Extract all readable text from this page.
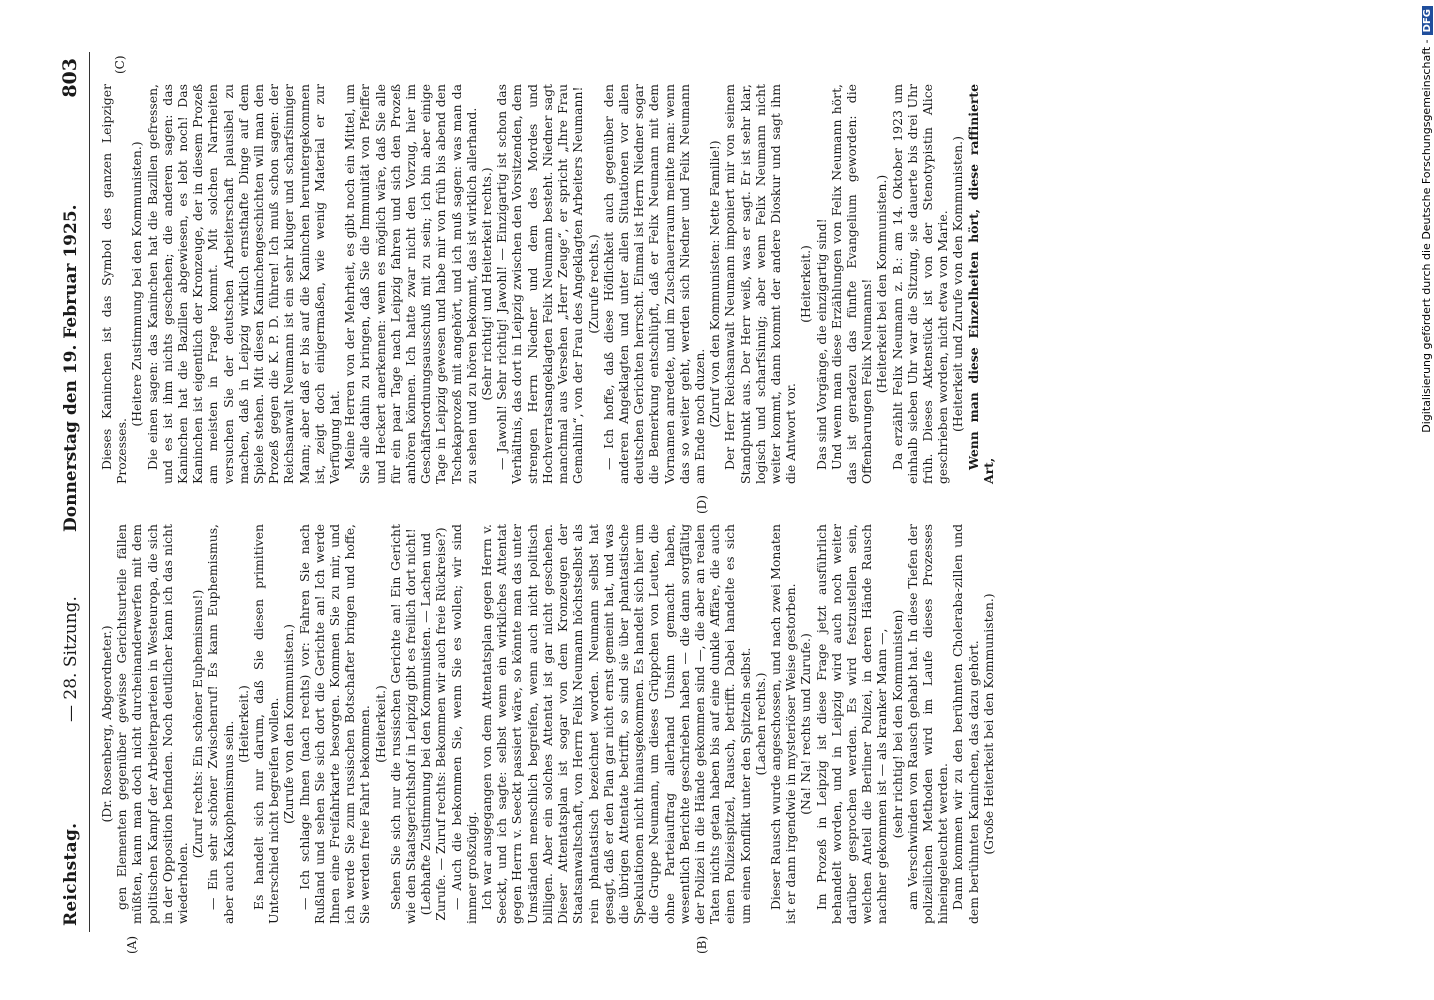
Reichstag.
— 28. Sitzung.
Donnerstag den 19. Februar 1925.
803
(A)	(B)
(C)
(D)

(Dr. Rosenberg, Abgeordneter.) gen Elementen gegenüber gewisse Gerichtsurteile fällen müßten, kann man doch nicht durcheinanderwerfen mit dem politischen Kampf der Arbeiterparteien in Westeuropa, die sich in der Opposition befinden. Noch deutlicher kann ich das nicht wiederholen.

(Zuruf rechts: Ein schöner Euphemismus!) — Ein sehr schöner Zwischenruf! Es kann Euphemismus, aber auch Kakophemismus sein. (Heiterkeit.) Es handelt sich nur darum, daß Sie diesen primitiven Unterschied nicht begreifen wollen. (Zurufe von den Kommunisten.) — Ich schlage Ihnen (nach rechts) vor: Fahren Sie nach Rußland und sehen Sie sich dort die Gerichte an! Ich werde Ihnen eine Freifahrkarte besorgen. Kommen Sie zu mir, und ich werde Sie zum russischen Botschafter bringen und hoffe, Sie werden freie Fahrt bekommen. (Heiterkeit.) Sehen Sie sich nur die russischen Gerichte an! Ein Gericht wie den Staatsgerichtshof in Leipzig gibt es freilich dort nicht! (Lebhafte Zustimmung bei den Kommunisten. — Lachen und Zurufe. — Zuruf rechts: Bekommen wir auch freie Rückreise?) — Auch die bekommen Sie, wenn Sie es wollen; wir sind immer großzügig. Ich war ausgegangen von dem Attentatsplan gegen Herrn v. Seeckt, und ich sagte: selbst wenn ein wirkliches Attentat gegen Herrn v. Seeckt passiert wäre, so könnte man das unter Umständen menschlich begreifen, wenn auch nicht politisch billigen. Aber ein solches Attentat ist gar nicht geschehen. Dieser Attentatsplan ist sogar von dem Kronzeugen der Staatsanwaltschaft, von Herrn Felix Neumann höchstselbst als rein phantastisch bezeichnet worden. Neumann selbst hat gesagt, daß er den Plan gar nicht ernst gemeint hat, und was die übrigen Attentate betrifft, so sind sie über phantastische Spekulationen nicht hinausgekommen. Es handelt sich hier um die Gruppe Neumann, um dieses Grüppchen von Leuten, die ohne Parteiauftrag allerhand Unsinn gemacht haben, wesentlich Berichte geschrieben haben — die dann sorgfältig der Polizei in die Hände gekommen sind —, die aber an realen Taten nichts getan haben bis auf eine dunkle Affäre, die auch einen Polizeispitzel, Rausch, betrifft. Dabei handelte es sich um einen Konflikt unter den Spitzeln selbst. (Lachen rechts.) Dieser Rausch wurde angeschossen, und nach zwei Monaten ist er dann irgendwie in mysteriöser Weise gestorben. (Na! Na! rechts und Zurufe.) Im Prozeß in Leipzig ist diese Frage jetzt ausführlich behandelt worden, und in Leipzig wird auch noch weiter darüber gesprochen werden. Es wird festzustellen sein, welchen Anteil die Berliner Polizei, in deren Hände Rausch nachher gekommen ist — als kranker Mann —, (sehr richtig! bei den Kommunisten) am Verschwinden von Rausch gehabt hat. In diese Tiefen der polizeilichen Methoden wird im Laufe dieses Prozesses hineingeleuchtet werden. Dann kommen wir zu den berühmten Choleraba-zillen und dem berühmten Kaninchen, das dazu gehört. (Große Heiterkeit bei den Kommunisten.)

Dieses Kaninchen ist das Symbol des ganzen Leipziger Prozesses.

(Heitere Zustimmung bei den Kommunisten.) Die einen sagen: das Kaninchen hat die Bazillen gefressen, und es ist ihm nichts geschehen; die anderen sagen: das Kaninchen hat die Bazillen abgewiesen, es lebt noch! Das Kaninchen ist eigentlich der Kronzeuge, der in diesem Prozeß am meisten in Frage kommt. Mit solchen Narrheiten versuchen Sie der deutschen Arbeiterschaft plausibel zu machen, daß in Leipzig wirklich ernsthafte Dinge auf dem Spiele stehen. Mit diesen Kaninchengeschichten will man den Prozeß gegen die K. P. D. führen! Ich muß schon sagen: der Reichsanwalt Neumann ist ein sehr kluger und scharfsinniger Mann; aber daß er bis auf die Kaninchen heruntergekommen ist, zeigt doch einigermaßen, wie wenig Material er zur Verfügung hat. Meine Herren von der Mehrheit, es gibt noch ein Mittel, um Sie alle dahin zu bringen, daß Sie die Immunität von Pfeiffer und Heckert anerkennen: wenn es möglich wäre, daß Sie alle für ein paar Tage nach Leipzig fahren und sich den Prozeß anhören können. Ich hatte zwar nicht den Vorzug, hier im Geschäftsordnungsausschuß mit zu sein; ich bin aber einige Tage in Leipzig gewesen und habe mir von früh bis abend den Tschekaprozeß mit angehört, und ich muß sagen: was man da zu sehen und zu hören bekommt, das ist wirklich allerhand. (Sehr richtig! und Heiterkeit rechts.) — Jawohl! Sehr richtig! Jawohl! — Einzigartig ist schon das Verhältnis, das dort in Leipzig zwischen den Vorsitzenden, dem strengen Herrn Niedner und dem des Mordes und Hochverratsangeklagten Felix Neumann besteht. Niedner sagt manchmal aus Versehen „Herr Zeuge“, er spricht „Ihre Frau Gemahlin“, von der Frau des Angeklagten Arbeiters Neumann! (Zurufe rechts.) — Ich hoffe, daß diese Höflichkeit auch gegenüber den anderen Angeklagten und unter allen Situationen vor allen deutschen Gerichten herrscht. Einmal ist Herrn Niedner sogar die Bemerkung entschlüpft, daß er Felix Neumann mit dem Vornamen anredete, und im Zuschauerraum meinte man: wenn das so weiter geht, werden sich Niedner und Felix Neumann am Ende noch duzen. (Zuruf von den Kommunisten: Nette Familie!) Der Herr Reichsanwalt Neumann imponiert mir von seinem Standpunkt aus. Der Herr weiß, was er sagt. Er ist sehr klar, logisch und scharfsinnig; aber wenn Felix Neumann nicht weiter kommt, dann kommt der andere Dioskur und sagt ihm die Antwort vor.

(Heiterkeit.) Das sind Vorgänge, die einzigartig sind! Und wenn man diese Erzählungen von Felix Neumann hört, das ist geradezu das fünfte Evangelium geworden: die Offenbarungen Felix Neumanns! (Heiterkeit bei den Kommunisten.) Da erzählt Felix Neumann z. B.: am 14. Oktober 1923 um einhalb sieben Uhr war die Sitzung, sie dauerte bis drei Uhr früh. Dieses Aktenstück ist von der Stenotypistin Alice geschrieben worden, nicht etwa von Marie. (Heiterkeit und Zurufe von den Kommunisten.) Wenn man diese Einzelheiten hört, diese raffinierte Art,

Digitalisierung gefördert durch die Deutsche Forschungsgemeinschaft -DFG
